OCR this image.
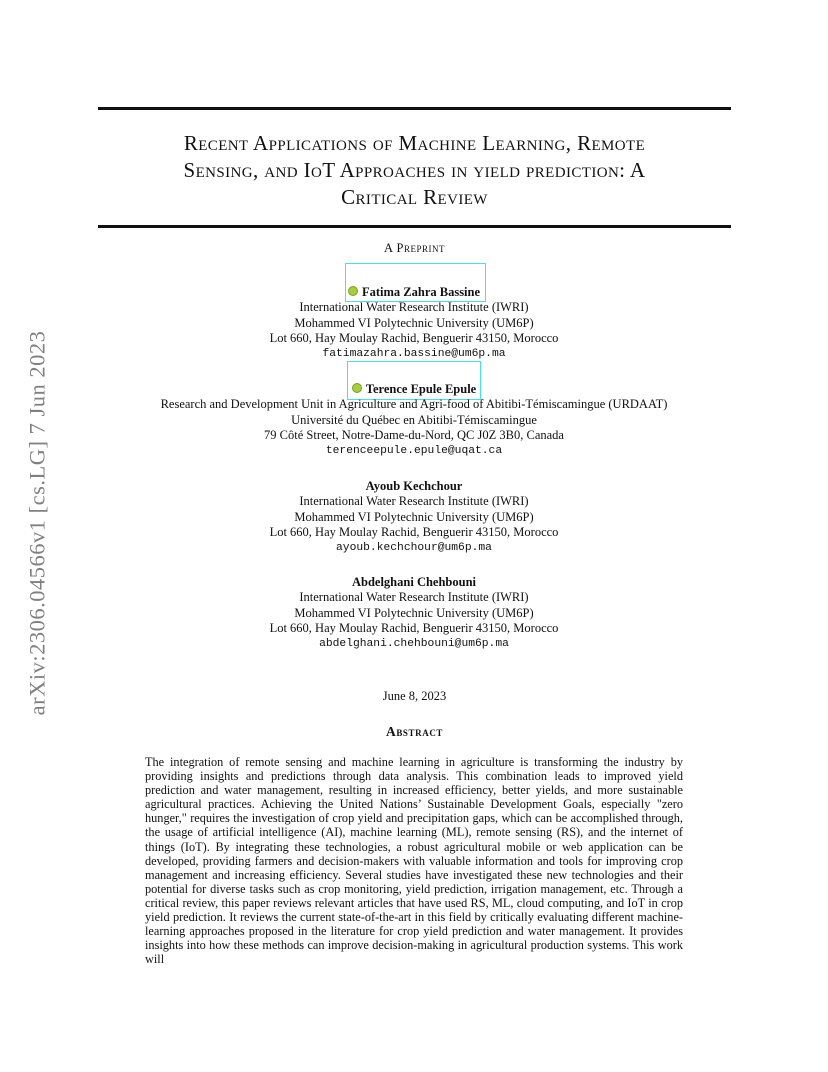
arXiv:2306.04566v1 [cs.LG] 7 Jun 2023
Recent Applications of Machine Learning, Remote
Sensing, and IoT Approaches in yield prediction: A
Critical Review
A Preprint
Fatima Zahra Bassine
International Water Research Institute (IWRI)
Mohammed VI Polytechnic University (UM6P)
Lot 660, Hay Moulay Rachid, Benguerir 43150, Morocco
fatimazahra.bassine@um6p.ma
Terence Epule Epule
Research and Development Unit in Agriculture and Agri-food of Abitibi-Témiscamingue (URDAAT)
Université du Québec en Abitibi-Témiscamingue
79 Côté Street, Notre-Dame-du-Nord, QC J0Z 3B0, Canada
terenceepule.epule@uqat.ca
Ayoub Kechchour
International Water Research Institute (IWRI)
Mohammed VI Polytechnic University (UM6P)
Lot 660, Hay Moulay Rachid, Benguerir 43150, Morocco
ayoub.kechchour@um6p.ma
Abdelghani Chehbouni
International Water Research Institute (IWRI)
Mohammed VI Polytechnic University (UM6P)
Lot 660, Hay Moulay Rachid, Benguerir 43150, Morocco
abdelghani.chehbouni@um6p.ma
June 8, 2023
Abstract

The integration of remote sensing and machine learning in agriculture is transforming the industry by providing insights and predictions through data analysis. This combination leads to improved yield prediction and water management, resulting in increased efficiency, better yields, and more sustainable agricultural practices. Achieving the United Nations’ Sustainable Development Goals, especially "zero hunger," requires the investigation of crop yield and precipitation gaps, which can be accomplished through, the usage of artificial intelligence (AI), machine learning (ML), remote sensing (RS), and the internet of things (IoT). By integrating these technologies, a robust agricultural mobile or web application can be developed, providing farmers and decision-makers with valuable information and tools for improving crop management and increasing efficiency. Several studies have investigated these new technologies and their potential for diverse tasks such as crop monitoring, yield prediction, irrigation management, etc. Through a critical review, this paper reviews relevant articles that have used RS, ML, cloud computing, and IoT in crop yield prediction. It reviews the current state-of-the-art in this field by critically evaluating different machine-learning approaches proposed in the literature for crop yield prediction and water management. It provides insights into how these methods can improve decision-making in agricultural production systems. This work will
